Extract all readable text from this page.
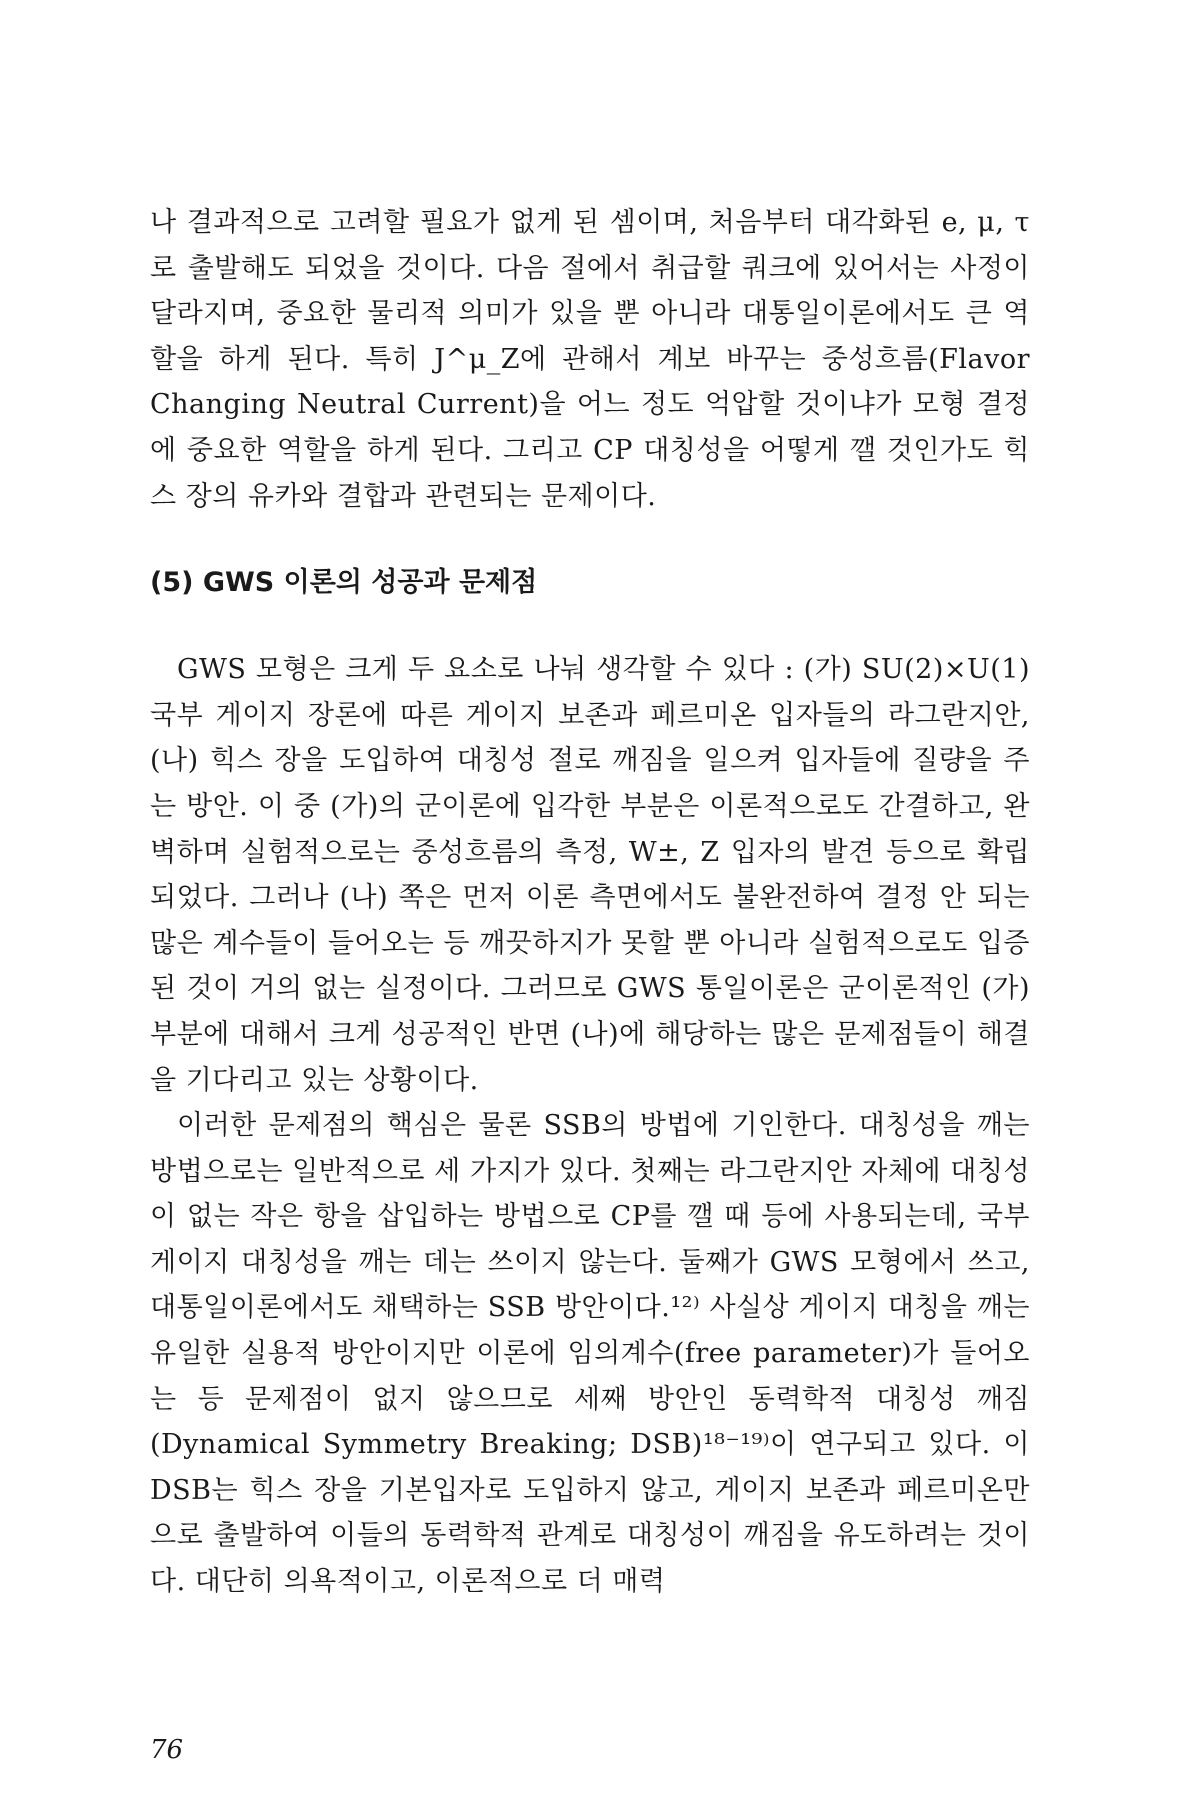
나 결과적으로 고려할 필요가 없게 된 셈이며, 처음부터 대각화된 e, μ, τ로 출발해도 되었을 것이다. 다음 절에서 취급할 쿼크에 있어서는 사정이 달라지며, 중요한 물리적 의미가 있을 뿐 아니라 대통일이론에서도 큰 역할을 하게 된다. 특히 J^μ_Z에 관해서 계보 바꾸는 중성흐름(Flavor Changing Neutral Current)을 어느 정도 억압할 것이냐가 모형 결정에 중요한 역할을 하게 된다. 그리고 CP 대칭성을 어떻게 깰 것인가도 힉스 장의 유카와 결합과 관련되는 문제이다.

(5) GWS 이론의 성공과 문제점

GWS 모형은 크게 두 요소로 나눠 생각할 수 있다 : (가) SU(2)×U(1) 국부 게이지 장론에 따른 게이지 보존과 페르미온 입자들의 라그란지안, (나) 힉스 장을 도입하여 대칭성 절로 깨짐을 일으켜 입자들에 질량을 주는 방안. 이 중 (가)의 군이론에 입각한 부분은 이론적으로도 간결하고, 완벽하며 실험적으로는 중성흐름의 측정, W±, Z 입자의 발견 등으로 확립되었다. 그러나 (나) 쪽은 먼저 이론 측면에서도 불완전하여 결정 안 되는 많은 계수들이 들어오는 등 깨끗하지가 못할 뿐 아니라 실험적으로도 입증된 것이 거의 없는 실정이다. 그러므로 GWS 통일이론은 군이론적인 (가) 부분에 대해서 크게 성공적인 반면 (나)에 해당하는 많은 문제점들이 해결을 기다리고 있는 상황이다.

이러한 문제점의 핵심은 물론 SSB의 방법에 기인한다. 대칭성을 깨는 방법으로는 일반적으로 세 가지가 있다. 첫째는 라그란지안 자체에 대칭성이 없는 작은 항을 삽입하는 방법으로 CP를 깰 때 등에 사용되는데, 국부 게이지 대칭성을 깨는 데는 쓰이지 않는다. 둘째가 GWS 모형에서 쓰고, 대통일이론에서도 채택하는 SSB 방안이다.¹²⁾ 사실상 게이지 대칭을 깨는 유일한 실용적 방안이지만 이론에 임의계수(free parameter)가 들어오는 등 문제점이 없지 않으므로 세째 방안인 동력학적 대칭성 깨짐(Dynamical Symmetry Breaking; DSB)¹⁸⁻¹⁹⁾이 연구되고 있다. 이 DSB는 힉스 장을 기본입자로 도입하지 않고, 게이지 보존과 페르미온만으로 출발하여 이들의 동력학적 관계로 대칭성이 깨짐을 유도하려는 것이다. 대단히 의욕적이고, 이론적으로 더 매력

76
